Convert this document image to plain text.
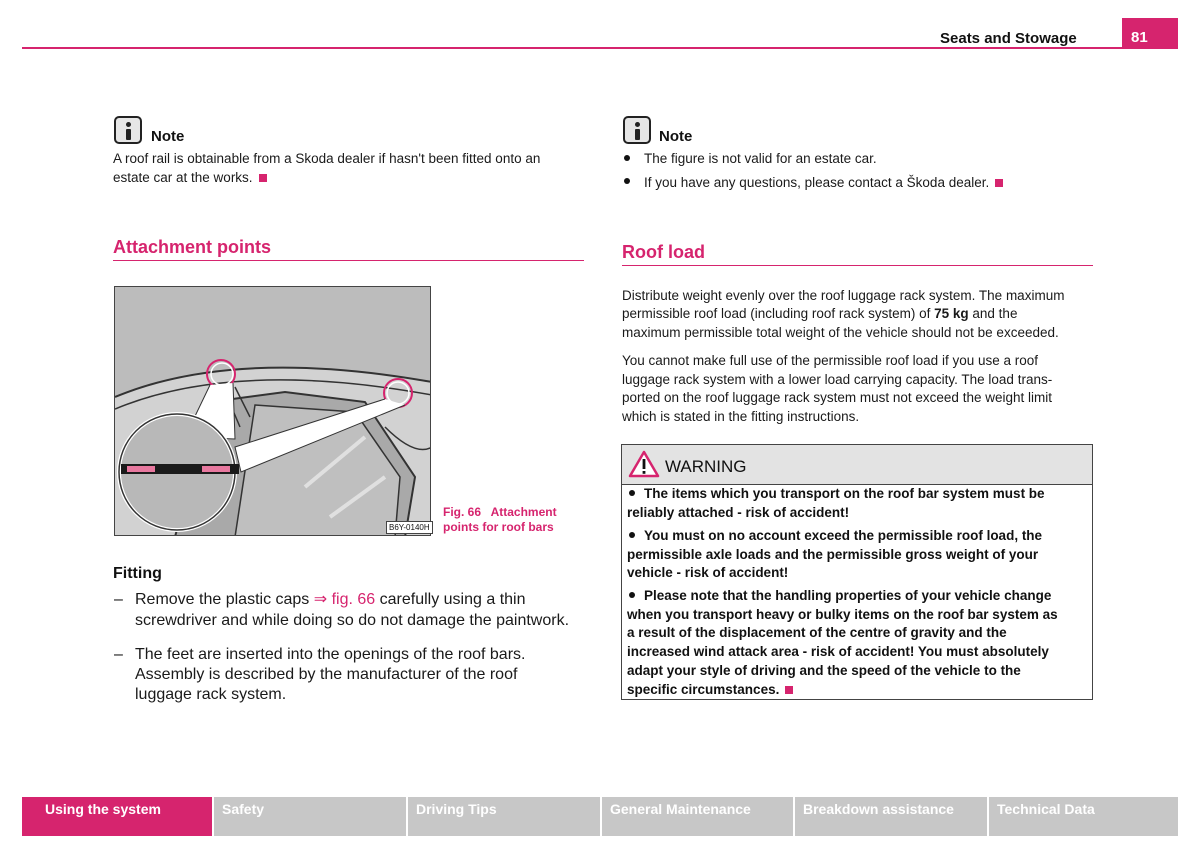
Seats and Stowage	81
Note
A roof rail is obtainable from a Skoda dealer if hasn't been fitted onto an
estate car at the works.
Note
The figure is not valid for an estate car.
If you have any questions, please contact a Škoda dealer.
Attachment points
B6Y-0140H
Fig. 66   Attachment
points for roof bars
Fitting
– Remove the plastic caps ⇒ fig. 66 carefully using a thin
screwdriver and while doing so do not damage the paintwork.
– The feet are inserted into the openings of the roof bars.
Assembly is described by the manufacturer of the roof
luggage rack system.
Roof load
Distribute weight evenly over the roof luggage rack system. The maximum
permissible roof load (including roof rack system) of 75 kg and the
maximum permissible total weight of the vehicle should not be exceeded.
You cannot make full use of the permissible roof load if you use a roof
luggage rack system with a lower load carrying capacity. The load trans-
ported on the roof luggage rack system must not exceed the weight limit
which is stated in the fitting instructions.
WARNING
The items which you transport on the roof bar system must be
reliably attached - risk of accident!
You must on no account exceed the permissible roof load, the
permissible axle loads and the permissible gross weight of your
vehicle - risk of accident!
Please note that the handling properties of your vehicle change
when you transport heavy or bulky items on the roof bar system as
a result of the displacement of the centre of gravity and the
increased wind attack area - risk of accident! You must absolutely
adapt your style of driving and the speed of the vehicle to the
specific circumstances.
Using the system	Safety	Driving Tips	General Maintenance	Breakdown assistance	Technical Data
